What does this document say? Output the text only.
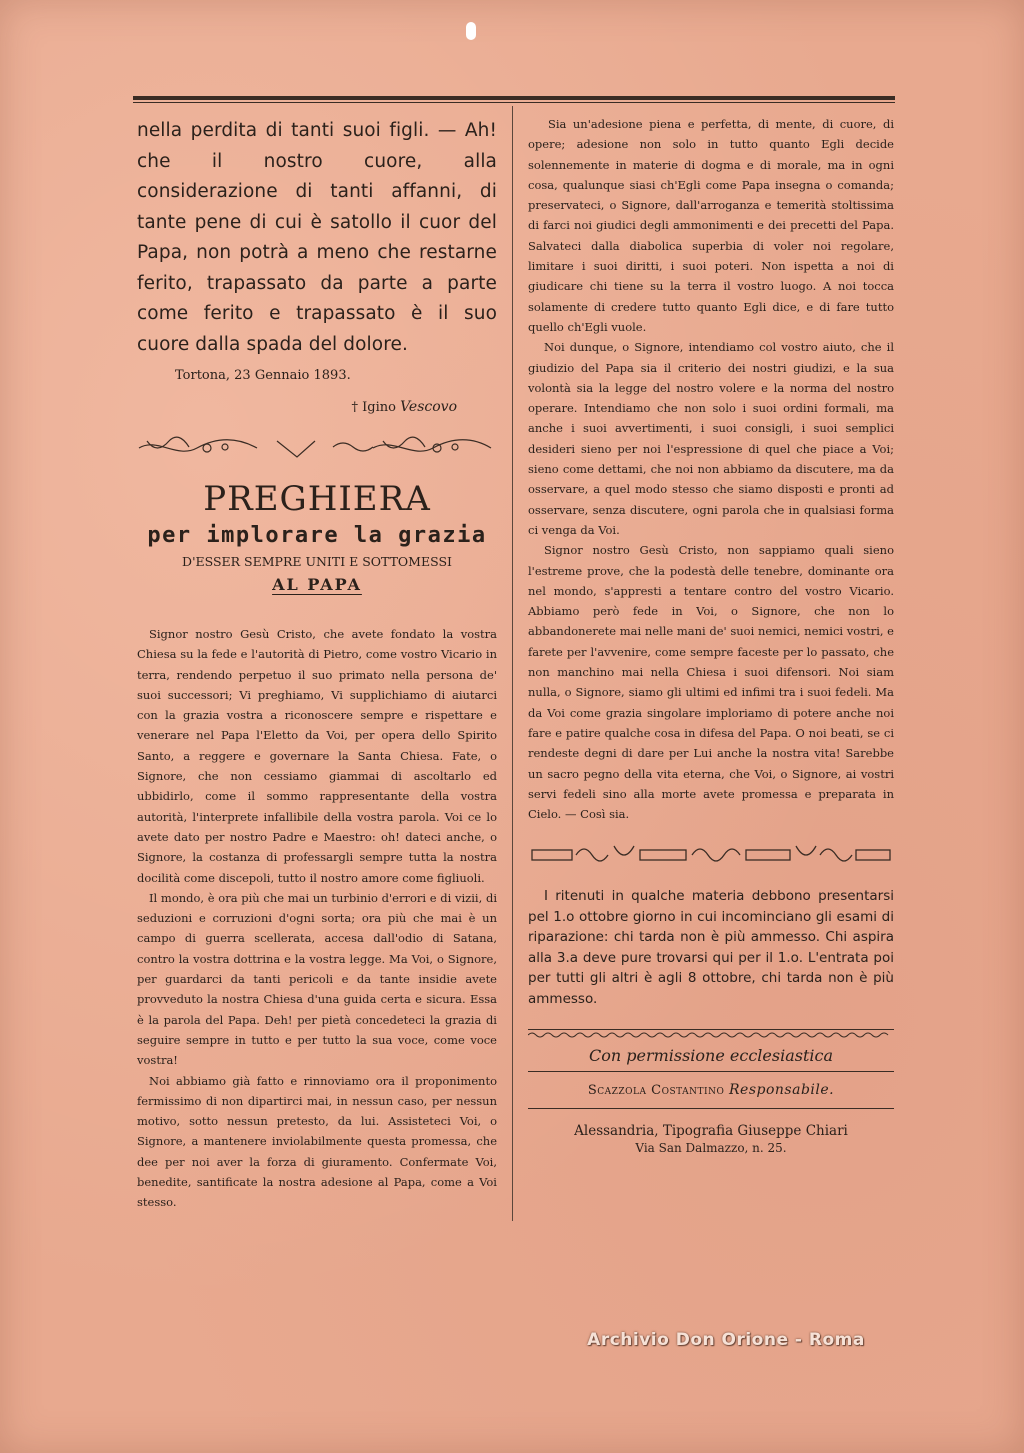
nella perdita di tanti suoi figli. — Ah! che il nostro cuore, alla considerazione di tanti affanni, di tante pene di cui è satollo il cuor del Papa, non potrà a meno che restarne ferito, trapassato da parte a parte come ferito e trapassato è il suo cuore dalla spada del dolore.

Tortona, 23 Gennaio 1893.

† Igino Vescovo

PREGHIERA
per implorare la grazia
D'ESSER SEMPRE UNITI E SOTTOMESSI
AL PAPA

Signor nostro Gesù Cristo, che avete fondato la vostra Chiesa su la fede e l'autorità di Pietro, come vostro Vicario in terra, rendendo perpetuo il suo primato nella persona de' suoi successori; Vi preghiamo, Vi supplichiamo di aiutarci con la grazia vostra a riconoscere sempre e rispettare e venerare nel Papa l'Eletto da Voi, per opera dello Spirito Santo, a reggere e governare la Santa Chiesa. Fate, o Signore, che non cessiamo giammai di ascoltarlo ed ubbidirlo, come il sommo rappresentante della vostra autorità, l'interprete infallibile della vostra parola. Voi ce lo avete dato per nostro Padre e Maestro: oh! dateci anche, o Signore, la costanza di professargli sempre tutta la nostra docilità come discepoli, tutto il nostro amore come figliuoli.

Il mondo, è ora più che mai un turbinio d'errori e di vizii, di seduzioni e corruzioni d'ogni sorta; ora più che mai è un campo di guerra scellerata, accesa dall'odio di Satana, contro la vostra dottrina e la vostra legge. Ma Voi, o Signore, per guardarci da tanti pericoli e da tante insidie avete provveduto la nostra Chiesa d'una guida certa e sicura. Essa è la parola del Papa. Deh! per pietà concedeteci la grazia di seguire sempre in tutto e per tutto la sua voce, come voce vostra!

Noi abbiamo già fatto e rinnoviamo ora il proponimento fermissimo di non dipartirci mai, in nessun caso, per nessun motivo, sotto nessun pretesto, da lui. Assisteteci Voi, o Signore, a mantenere inviolabilmente questa promessa, che dee per noi aver la forza di giuramento. Confermate Voi, benedite, santificate la nostra adesione al Papa, come a Voi stesso.

Sia un'adesione piena e perfetta, di mente, di cuore, di opere; adesione non solo in tutto quanto Egli decide solennemente in materie di dogma e di morale, ma in ogni cosa, qualunque siasi ch'Egli come Papa insegna o comanda; preservateci, o Signore, dall'arroganza e temerità stoltissima di farci noi giudici degli ammonimenti e dei precetti del Papa. Salvateci dalla diabolica superbia di voler noi regolare, limitare i suoi diritti, i suoi poteri. Non ispetta a noi di giudicare chi tiene su la terra il vostro luogo. A noi tocca solamente di credere tutto quanto Egli dice, e di fare tutto quello ch'Egli vuole.

Noi dunque, o Signore, intendiamo col vostro aiuto, che il giudizio del Papa sia il criterio dei nostri giudizi, e la sua volontà sia la legge del nostro volere e la norma del nostro operare. Intendiamo che non solo i suoi ordini formali, ma anche i suoi avvertimenti, i suoi consigli, i suoi semplici desideri sieno per noi l'espressione di quel che piace a Voi; sieno come dettami, che noi non abbiamo da discutere, ma da osservare, a quel modo stesso che siamo disposti e pronti ad osservare, senza discutere, ogni parola che in qualsiasi forma ci venga da Voi.

Signor nostro Gesù Cristo, non sappiamo quali sieno l'estreme prove, che la podestà delle tenebre, dominante ora nel mondo, s'appresti a tentare contro del vostro Vicario. Abbiamo però fede in Voi, o Signore, che non lo abbandonerete mai nelle mani de' suoi nemici, nemici vostri, e farete per l'avvenire, come sempre faceste per lo passato, che non manchino mai nella Chiesa i suoi difensori. Noi siam nulla, o Signore, siamo gli ultimi ed infimi tra i suoi fedeli. Ma da Voi come grazia singolare imploriamo di potere anche noi fare e patire qualche cosa in difesa del Papa. O noi beati, se ci rendeste degni di dare per Lui anche la nostra vita! Sarebbe un sacro pegno della vita eterna, che Voi, o Signore, ai vostri servi fedeli sino alla morte avete promessa e preparata in Cielo. — Così sia.

I ritenuti in qualche materia debbono presentarsi pel 1.o ottobre giorno in cui incominciano gli esami di riparazione: chi tarda non è più ammesso. Chi aspira alla 3.a deve pure trovarsi qui per il 1.o. L'entrata poi per tutti gli altri è agli 8 ottobre, chi tarda non è più ammesso.

Con permissione ecclesiastica
Scazzola Costantino Responsabile.
Alessandria, Tipografia Giuseppe Chiari
Via San Dalmazzo, n. 25.
Archivio Don Orione - Roma
